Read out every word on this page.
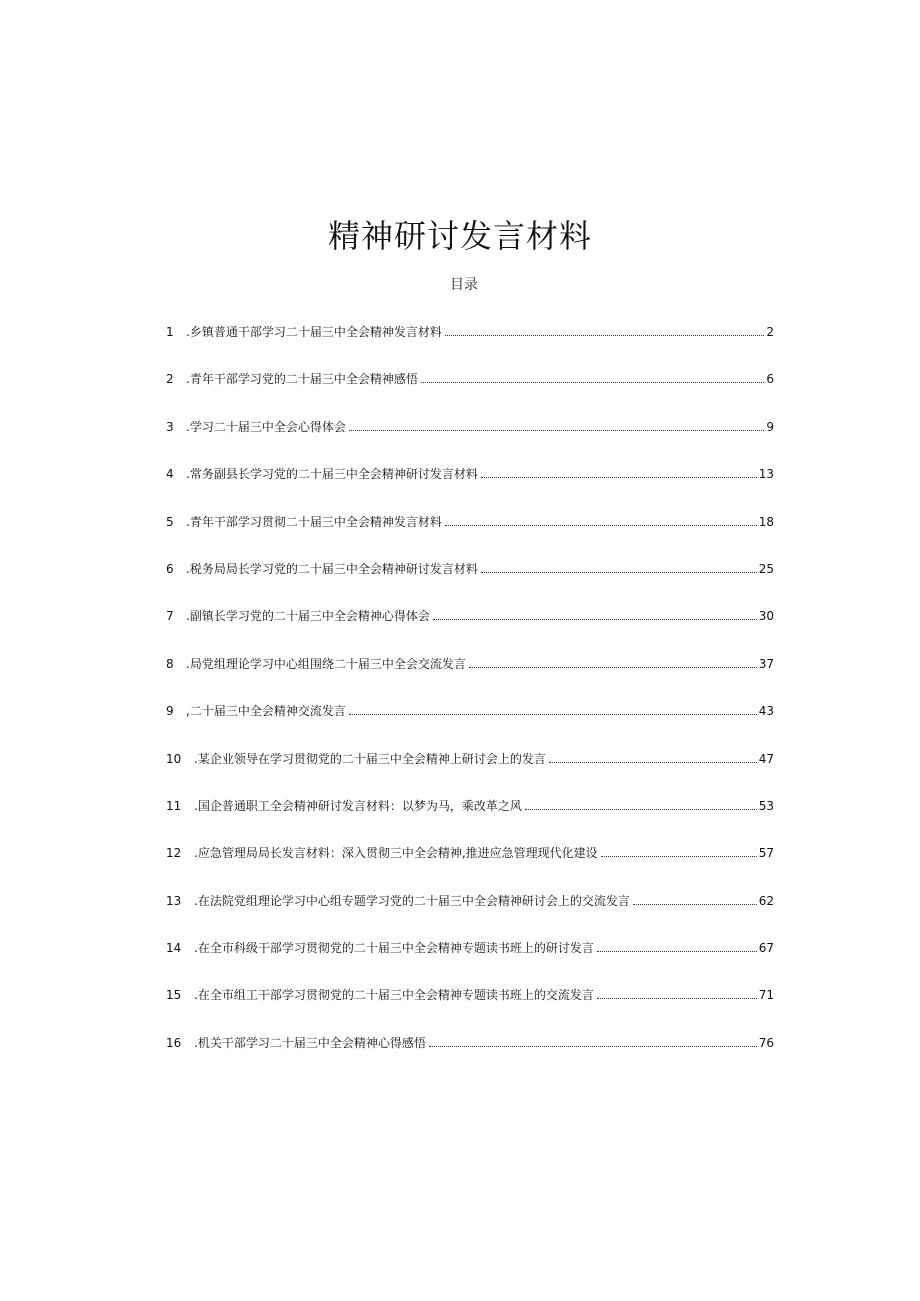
精神研讨发言材料
目录
1	.乡镇普通干部学习二十届三中全会精神发言材料	2
2	.青年干部学习党的二十届三中全会精神感悟	6
3	.学习二十届三中全会心得体会	9
4	.常务副县长学习党的二十届三中全会精神研讨发言材料	13
5	.青年干部学习贯彻二十届三中全会精神发言材料	18
6	.税务局局长学习党的二十届三中全会精神研讨发言材料	25
7	.副镇长学习党的二十届三中全会精神心得体会	30
8	.局党组理论学习中心组围绕二十届三中全会交流发言	37
9	,二十届三中全会精神交流发言	43
10	.某企业领导在学习贯彻党的二十届三中全会精神上研讨会上的发言	47
11	.国企普通职工全会精神研讨发言材料：以梦为马，乘改革之风	53
12	.应急管理局局长发言材料：深入贯彻三中全会精神,推进应急管理现代化建设	57
13	.在法院党组理论学习中心组专题学习党的二十届三中全会精神研讨会上的交流发言	62
14	.在全市科级干部学习贯彻党的二十届三中全会精神专题读书班上的研讨发言	67
15	.在全市组工干部学习贯彻党的二十届三中全会精神专题读书班上的交流发言	71
16	.机关干部学习二十届三中全会精神心得感悟	76
